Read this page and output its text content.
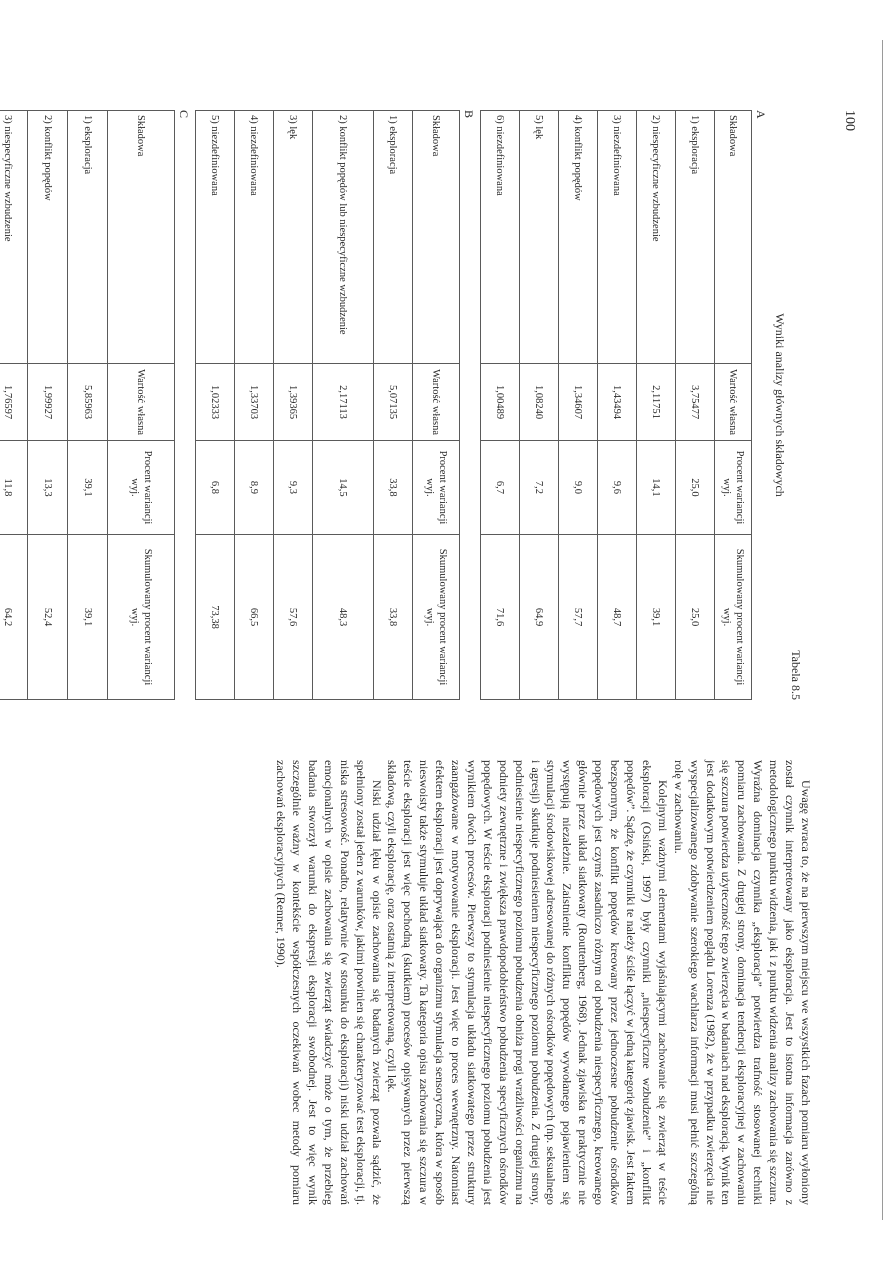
100
Tabela 8.5
Wyniki analizy głównych składowych
A
Składowa	Wartość własna	Procent wariancji wyj.	Skumulowany procent wariancji wyj.
1) eksploracja	3,75477	25,0	25,0
2) niespecyficzne wzbudzenie	2,11751	14,1	39,1
3) niezdefiniowana	1,43494	9,6	48,7
4) konflikt popędów	1,34607	9,0	57,7
5) lęk	1,08240	7,2	64,9
6) niezdefiniowana	1,00489	6,7	71,6
B
Składowa	Wartość własna	Procent wariancji wyj.	Skumulowany procent wariancji wyj.
1) eksploracja	5,07135	33,8	33,8
2) konflikt popędów lub niespecyficzne wzbudzenie	2,17113	14,5	48,3
3) lęk	1,39365	9,3	57,6
4) niezdefiniowana	1,33703	8,9	66,5
5) niezdefiniowana	1,02333	6,8	73,38
C
Składowa	Wartość własna	Procent wariancji wyj.	Skumulowany procent wariancji wyj.
1) eksploracja	5,85963	39,1	39,1
2) konflikt popędów	1,99927	13,3	52,4
3) niespecyficzne wzbudzenie	1,76597	11,8	64,2

Uwagę zwraca to, że na pierwszym miejscu we wszystkich fazach pomiaru wyłoniony został czynnik interpretowany jako eksploracja. Jest to istotna informacja zarówno z metodologicznego punktu widzenia, jak i z punktu widzenia analizy zachowania się szczura. Wyraźna dominacja czynnika „eksploracja” potwierdza trafność stosowanej techniki pomiaru zachowania. Z drugiej strony, dominacja tendencji eksploracyjnej w zachowaniu się szczura potwierdza użyteczność tego zwierzęcia w badaniach nad eksploracją. Wynik ten jest dodatkowym potwierdzeniem poglądu Lorenza (1982), że w przypadku zwierzęcia nie wyspecjalizowanego zdobywanie szerokiego wachlarza informacji musi pełnić szczególną rolę w zachowaniu.

Kolejnymi ważnymi elementami wyjaśniającymi zachowanie się zwierząt w teście eksploracji (Osiński, 1997) były czynniki „niespecyficzne wzbudzenie” i „konflikt popędów”. Sądzę, że czynniki te należy ściśle łączyć w jedną kategorię zjawisk. Jest faktem bezspornym, że konflikt popędów kreowany przez jednoczesne pobudzenie ośrodków popędowych jest czymś zasadniczo różnym od pobudzenia niespecyficznego, kreowanego głównie przez układ siatkowaty (Routtenberg, 1968). Jednak zjawiska te praktycznie nie występują niezależnie. Zaistnienie konfliktu popędów wywołanego pojawieniem się stymulacji środowiskowej adresowanej do różnych ośrodków popędowych (np. seksualnego i agresji) skutkuje podniesieniem niespecyficznego poziomu pobudzenia. Z drugiej strony, podniesienie niespecyficznego poziomu pobudzenia obniża progi wrażliwości organizmu na podniety zewnętrzne i zwiększa prawdopodobieństwo pobudzenia specyficznych ośrodków popędowych. W teście eksploracji podniesienie niespecyficznego poziomu pobudzenia jest wynikiem dwóch procesów. Pierwszy to stymulacja układu siatkowatego przez struktury zaangażowane w motywowanie eksploracji. Jest więc to proces wewnętrzny. Natomiast efektem eksploracji jest doprywająca do organizmu stymulacja sensoryczna, która w sposób nieswoisty także stymuluje układ siatkowaty. Ta kategoria opisu zachowania się szczura w teście eksploracji jest więc pochodną (skutkiem) procesów opisywanych przez pierwszą składową, czyli eksplorację, oraz ostatnią z interpretowaną, czyli lęk.

Niski udział lęku w opisie zachowania się badanych zwierząt pozwala sądzić, że spełniony został jeden z warunków, jakimi powinien się charakteryzować test eksploracji, tj. niska stresowość. Ponadto, relatywnie (w stosunku do eksploracji) niski udział zachowań emocjonalnych w opisie zachowania się zwierząt świadczyć może o tym, że przebieg badania stworzył warunki do ekspresji eksploracji swobodnej. Jest to więc wynik szczególnie ważny w kontekście współczesnych oczekiwań wobec metody pomiaru zachowań eksploracyjnych (Renner, 1990).
